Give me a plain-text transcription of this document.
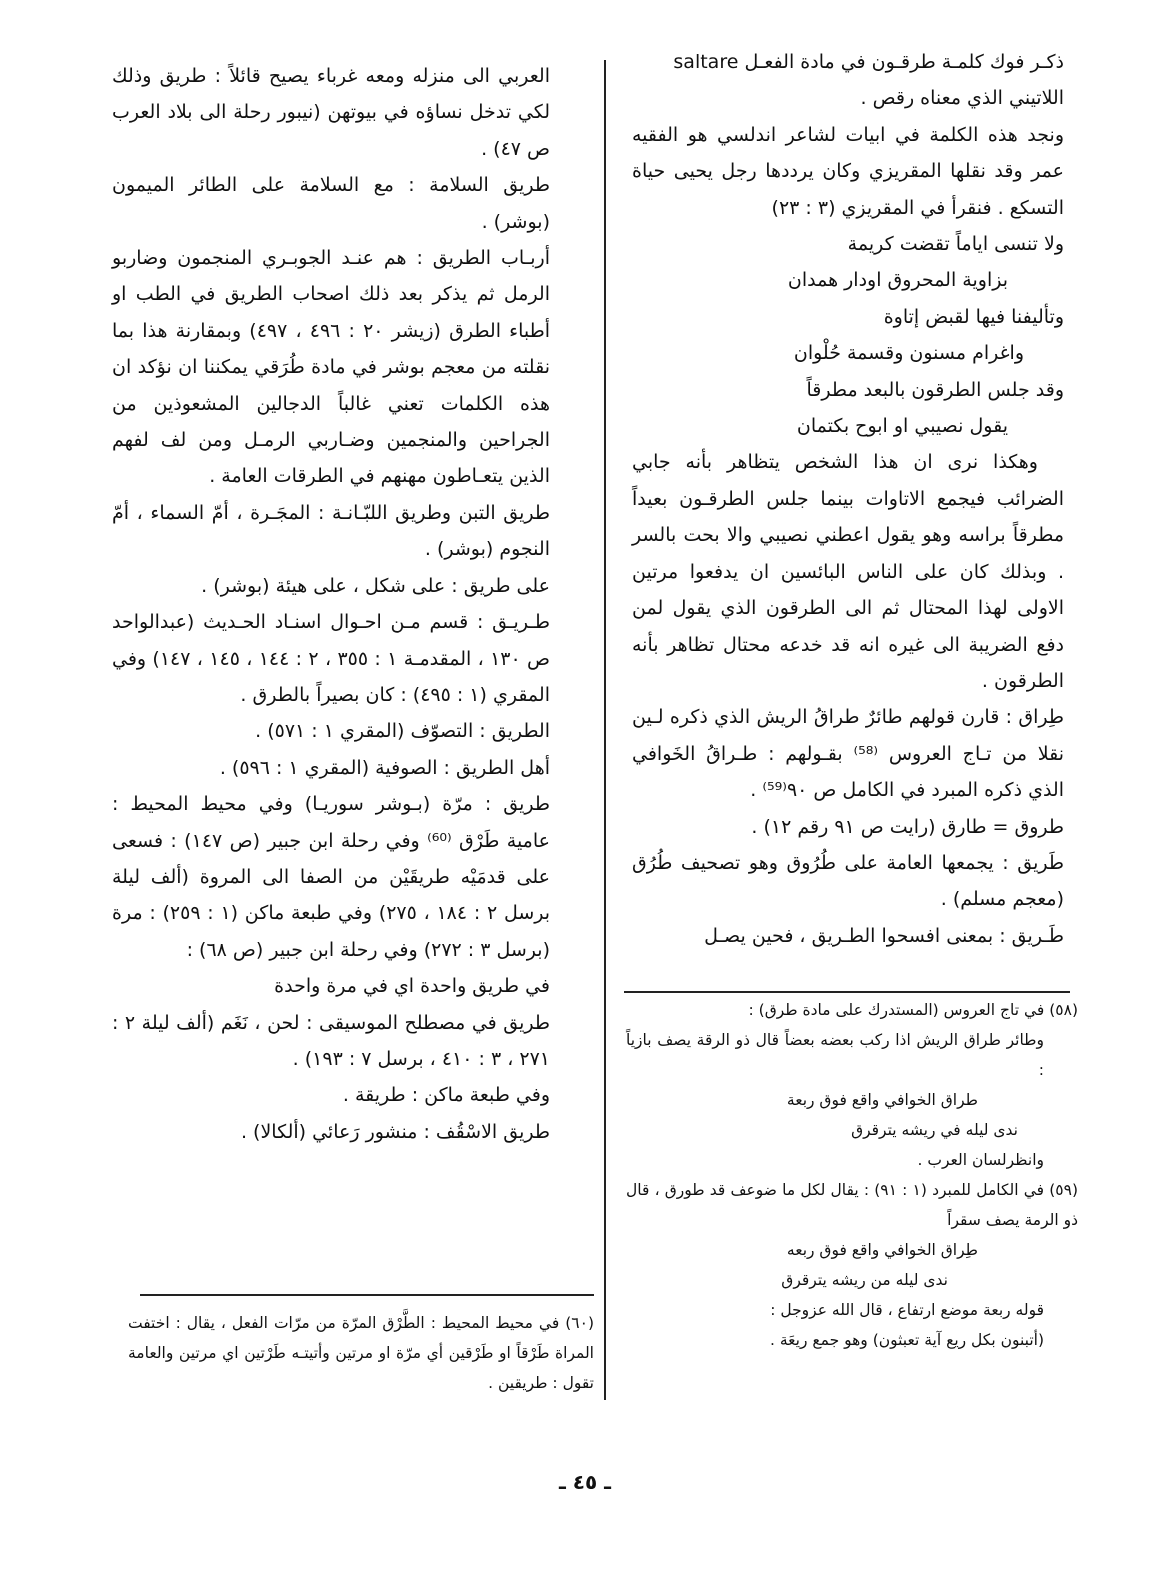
ذكـر فوك كلمـة طرقـون في مادة الفعـل saltare

اللاتيني الذي معناه رقص .

ونجد هذه الكلمة في ابيات لشاعر اندلسي هو الفقيه عمر وقد نقلها المقريزي وكان يرددها رجل يحيى حياة التسكع . فنقرأ في المقريزي (٣ : ٢٣)

ولا تنسى اياماً تقضت كريمة

بزاوية المحروق اودار همدان

وتأليفنا فيها لقبض إتاوة

واغرام مسنون وقسمة حُلْوان

وقد جلس الطرقون بالبعد مطرقاً

يقول نصيبي او ابوح بكتمان

وهكذا نرى ان هذا الشخص يتظاهر بأنه جابي الضرائب فيجمع الاتاوات بينما جلس الطرقـون بعيداً مطرقاً براسه وهو يقول اعطني نصيبي والا بحت بالسر . وبذلك كان على الناس البائسين ان يدفعوا مرتين الاولى لهذا المحتال ثم الى الطرقون الذي يقول لمن دفع الضريبة الى غيره انه قد خدعه محتال تظاهر بأنه الطرقون .

طِراق : قارن قولهم طائرٌ طراقُ الريش الذي ذكره لـين نقلا من تـاج العروس ⁽⁵⁸⁾ بقـولهم : طـراقُ الخَوافي الذي ذكره المبرد في الكامل ص ٩٠⁽⁵⁹⁾ .

طروق = طارق (رايت ص ٩١ رقم ١٢) .

طَريق : يجمعها العامة على طُرُوق وهو تصحيف طُرُق (معجم مسلم) .

طَـريق : بمعنى افسحوا الطـريق ، فحين يصـل

العربي الى منزله ومعه غرباء يصيح قائلاً : طريق وذلك لكي تدخل نساؤه في بيوتهن (نيبور رحلة الى بلاد العرب ص ٤٧) .

طريق السلامة : مع السلامة على الطائر الميمون (بوشر) .

أربـاب الطريق : هم عنـد الجوبـري المنجمون وضاربو الرمل ثم يذكر بعد ذلك اصحاب الطريق في الطب او أطباء الطرق (زيشر ٢٠ : ٤٩٦ ، ٤٩٧) وبمقارنة هذا بما نقلته من معجم بوشر في مادة طُرَقي يمكننا ان نؤكد ان هذه الكلمات تعني غالباً الدجالين المشعوذين من الجراحين والمنجمين وضـاربي الرمـل ومن لف لفهم الذين يتعـاطون مهنهم في الطرقات العامة .

طريق التبن وطريق اللبّـانـة : المجَـرة ، أمّ السماء ، أمّ النجوم (بوشر) .

على طريق : على شكل ، على هيئة (بوشر) .

طـريـق : قسم مـن احـوال اسنـاد الحـديث (عبدالواحد ص ١٣٠ ، المقدمـة ١ : ٣٥٥ ، ٢ : ١٤٤ ، ١٤٥ ، ١٤٧) وفي المقري (١ : ٤٩٥) : كان بصيراً بالطرق .

الطريق : التصوّف (المقري ١ : ٥٧١) .

أهل الطريق : الصوفية (المقري ١ : ٥٩٦) .

طريق : مرّة (بـوشر سوريـا) وفي محيط المحيط : عامية طَرْق ⁽⁶⁰⁾ وفي رحلة ابن جبير (ص ١٤٧) : فسعى على قدمَيْه طريقَيْن من الصفا الى المروة (ألف ليلة برسل ٢ : ١٨٤ ، ٢٧٥) وفي طبعة ماكن (١ : ٢٥٩) : مرة (برسل ٣ : ٢٧٢) وفي رحلة ابن جبير (ص ٦٨) :

في طريق واحدة اي في مرة واحدة

طريق في مصطلح الموسيقى : لحن ، نَغَم (ألف ليلة ٢ : ٢٧١ ، ٣ : ٤١٠ ، برسل ٧ : ١٩٣) .

وفي طبعة ماكن : طريقة .

طريق الاسْقُف : منشور رَعائي (ألكالا) .

(٥٨) في تاج العروس (المستدرك على مادة طرق) :

وطائر طراق الريش اذا ركب بعضه بعضاً قال ذو الرقة يصف بازياً :

طراق الخوافي واقع فوق ربعة

ندى ليله في ريشه يترقرق

وانظرلسان العرب .

(٥٩) في الكامل للمبرد (١ : ٩١) : يقال لكل ما ضوعف قد طورق ، قال ذو الرمة يصف سقراً

طِراق الخوافي واقع فوق ربعه

ندى ليله من ريشه يترقرق

قوله ربعة موضع ارتفاع ، قال الله عزوجل :

(أتبنون بكل ريع آية تعبثون) وهو جمع ريعَة .

(٦٠) في محيط المحيط : الطَّرْق المرّة من مرّات الفعل ، يقال : اختفت المراة طَرْقاً او طَرْقين أي مرّة او مرتين وأتيتـه طَرْتين اي مرتين والعامة تقول : طريقين .

ـ ٤٥ ـ
